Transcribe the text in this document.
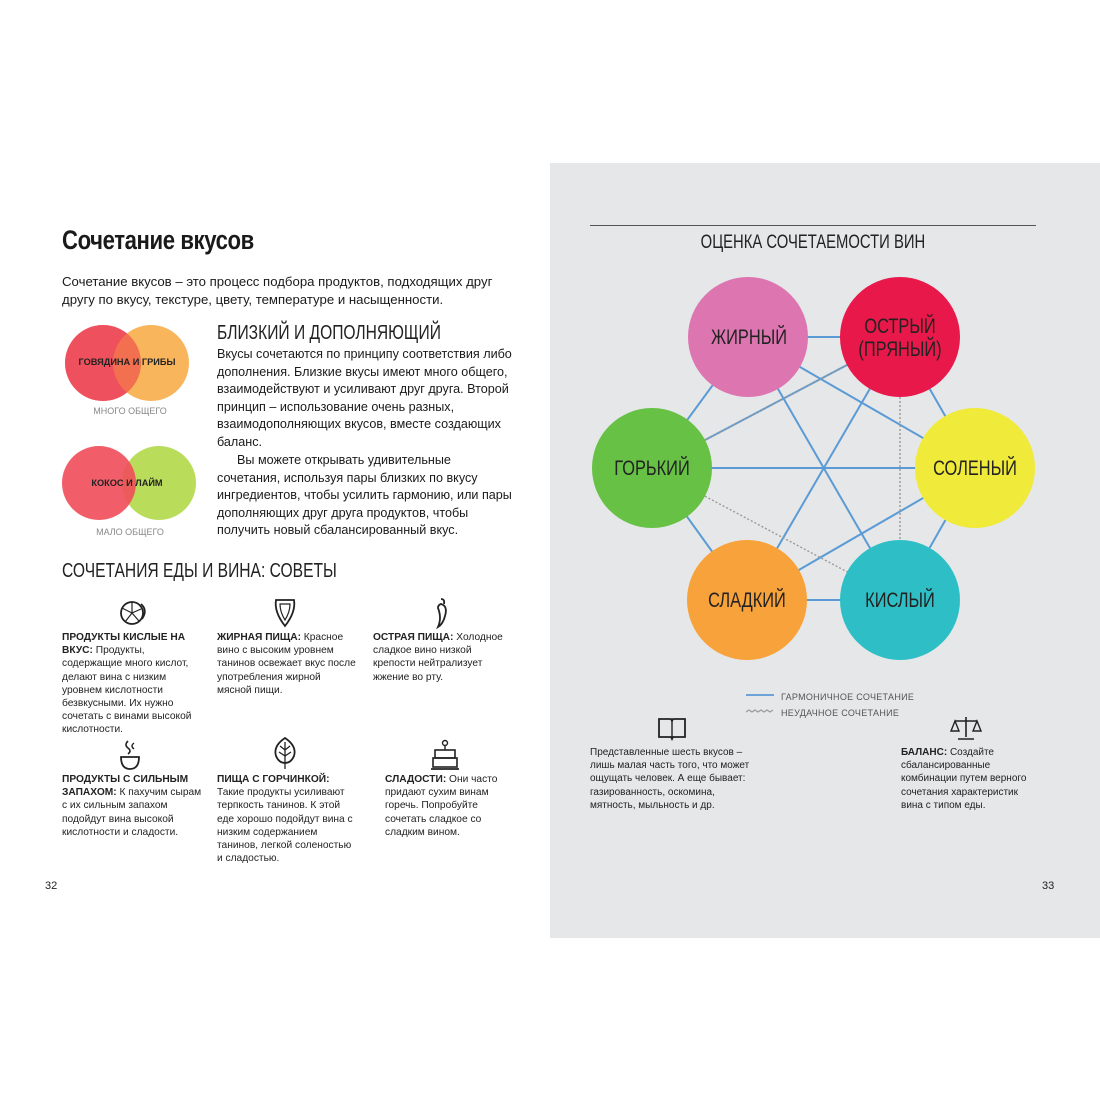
Сочетание вкусов
Сочетание вкусов – это процесс подбора продуктов, подходящих друг другу по вкусу, текстуре, цвету, температуре и насыщенности.
ГОВЯДИНА И ГРИБЫ
МНОГО ОБЩЕГО
КОКОС И ЛАЙМ
МАЛО ОБЩЕГО
БЛИЗКИЙ И ДОПОЛНЯЮЩИЙ
Вкусы сочетаются по принципу соответствия либо дополнения. Близкие вкусы имеют много общего, взаимодействуют и усиливают друг друга. Второй принцип – использование очень разных, взаимодополняющих вкусов, вместе создающих баланс.
Вы можете открывать удивительные сочетания, используя пары близких по вкусу ингредиентов, чтобы усилить гармонию, или пары дополняющих друг друга продуктов, чтобы получить новый сбалансированный вкус.
СОЧЕТАНИЯ ЕДЫ И ВИНА: СОВЕТЫ
ПРОДУКТЫ КИСЛЫЕ НА ВКУС: Продукты, содержащие много кислот, делают вина с низким уровнем кислотности безвкусными. Их нужно сочетать с винами высокой кислотности.
ЖИРНАЯ ПИЩА: Красное вино с высоким уровнем танинов освежает вкус после употребления жирной мясной пищи.
ОСТРАЯ ПИЩА: Холодное сладкое вино низкой крепости нейтрализует жжение во рту.
ПРОДУКТЫ С СИЛЬНЫМ ЗАПАХОМ: К пахучим сырам с их сильным запахом подойдут вина высокой кислотности и сладости.
ПИЩА С ГОРЧИНКОЙ: Такие продукты усиливают терпкость танинов. К этой еде хорошо подойдут вина с низким содержанием танинов, легкой соленостью и сладостью.
СЛАДОСТИ: Они часто придают сухим винам горечь. Попробуйте сочетать сладкое со сладким вином.
32
ОЦЕНКА СОЧЕТАЕМОСТИ ВИН
ЖИРНЫЙ	ОСТРЫЙ (ПРЯНЫЙ)
СОЛЕНЫЙ
КИСЛЫЙ
СЛАДКИЙ
ГОРЬКИЙ
ГАРМОНИЧНОЕ СОЧЕТАНИЕ
НЕУДАЧНОЕ СОЧЕТАНИЕ
Представленные шесть вкусов – лишь малая часть того, что может ощущать человек. А еще бывает: газированность, оскомина, мятность, мыльность и др.
БАЛАНС: Создайте сбалансированные комбинации путем верного сочетания характеристик вина с типом еды.
33
